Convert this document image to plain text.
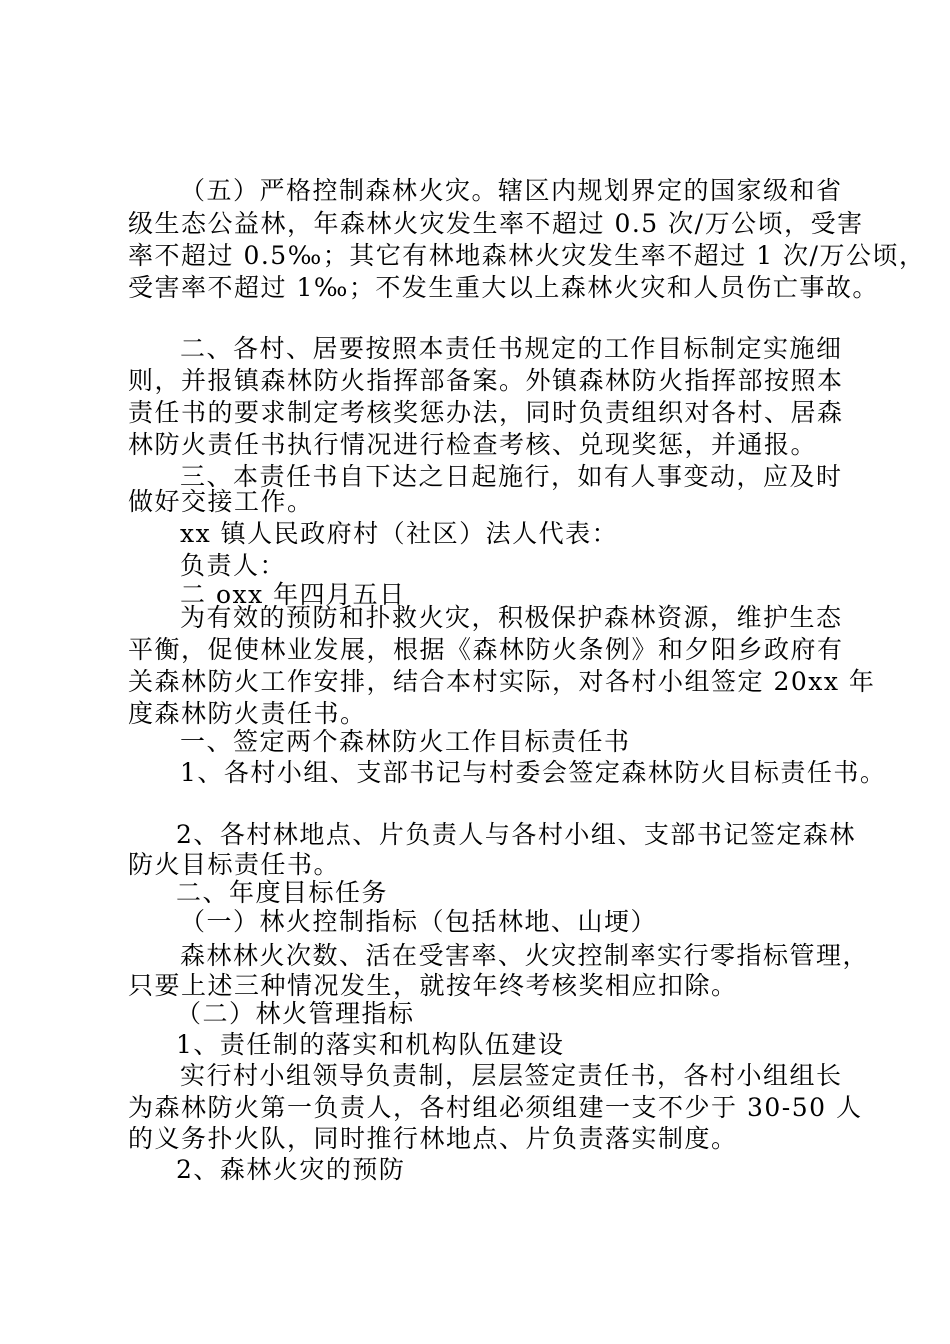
（五）严格控制森林火灾。辖区内规划界定的国家级和省
级生态公益林，年森林火灾发生率不超过 0.5 次/万公顷，受害
率不超过 0.5‰；其它有林地森林火灾发生率不超过 1 次/万公顷，
受害率不超过 1‰；不发生重大以上森林火灾和人员伤亡事故。
二、各村、居要按照本责任书规定的工作目标制定实施细
则，并报镇森林防火指挥部备案。外镇森林防火指挥部按照本
责任书的要求制定考核奖惩办法，同时负责组织对各村、居森
林防火责任书执行情况进行检查考核、兑现奖惩，并通报。
三、本责任书自下达之日起施行，如有人事变动，应及时
做好交接工作。
xx 镇人民政府村（社区）法人代表：
负责人：
二 oxx 年四月五日
为有效的预防和扑救火灾，积极保护森林资源，维护生态
平衡，促使林业发展，根据《森林防火条例》和夕阳乡政府有
关森林防火工作安排，结合本村实际，对各村小组签定 20xx 年
度森林防火责任书。
一、签定两个森林防火工作目标责任书
1、各村小组、支部书记与村委会签定森林防火目标责任书。
2、各村林地点、片负责人与各村小组、支部书记签定森林
防火目标责任书。
二、年度目标任务
（一）林火控制指标（包括林地、山埂）
森林林火次数、活在受害率、火灾控制率实行零指标管理，
只要上述三种情况发生，就按年终考核奖相应扣除。
（二）林火管理指标
1、责任制的落实和机构队伍建设
实行村小组领导负责制，层层签定责任书，各村小组组长
为森林防火第一负责人，各村组必须组建一支不少于 30-50 人
的义务扑火队，同时推行林地点、片负责落实制度。
2、森林火灾的预防
